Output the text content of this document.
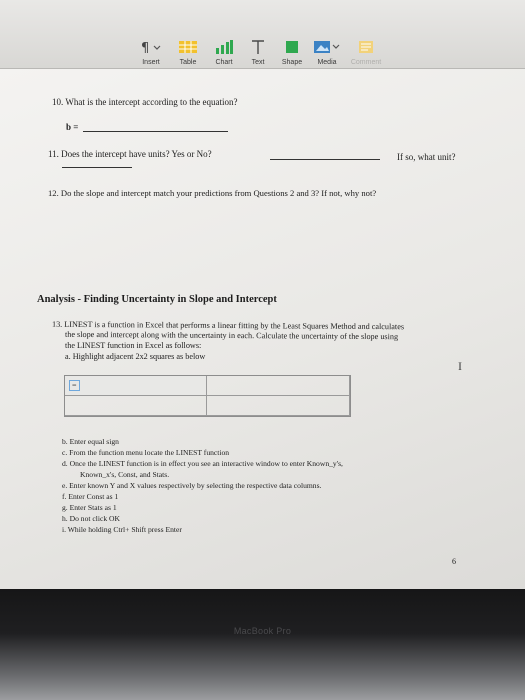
¶
Insert	Table	Chart	Text	Shape	Media	Comment
10. What is the intercept according to the equation?
b =
11. Does the intercept have units? Yes or No?	If so, what unit?
12. Do the slope and intercept match your predictions from Questions 2 and 3? If not, why not?
Analysis - Finding Uncertainty in Slope and Intercept
13. LINEST is a function in Excel that performs a linear fitting by the Least Squares Method and calculates
the slope and intercept along with the uncertainty in each. Calculate the uncertainty of the slope using
the LINEST function in Excel as follows:
a. Highlight adjacent 2x2 squares as below
I
=
b. Enter equal sign
c. From the function menu locate the LINEST function
d. Once the LINEST function is in effect you see an interactive window to enter Known_y's,
Known_x's, Const, and Stats.
e. Enter known Y and X values respectively by selecting the respective data columns.
f. Enter Const as 1
g. Enter Stats as 1
h. Do not click OK
i. While holding Ctrl+ Shift press Enter
6
MacBook Pro
